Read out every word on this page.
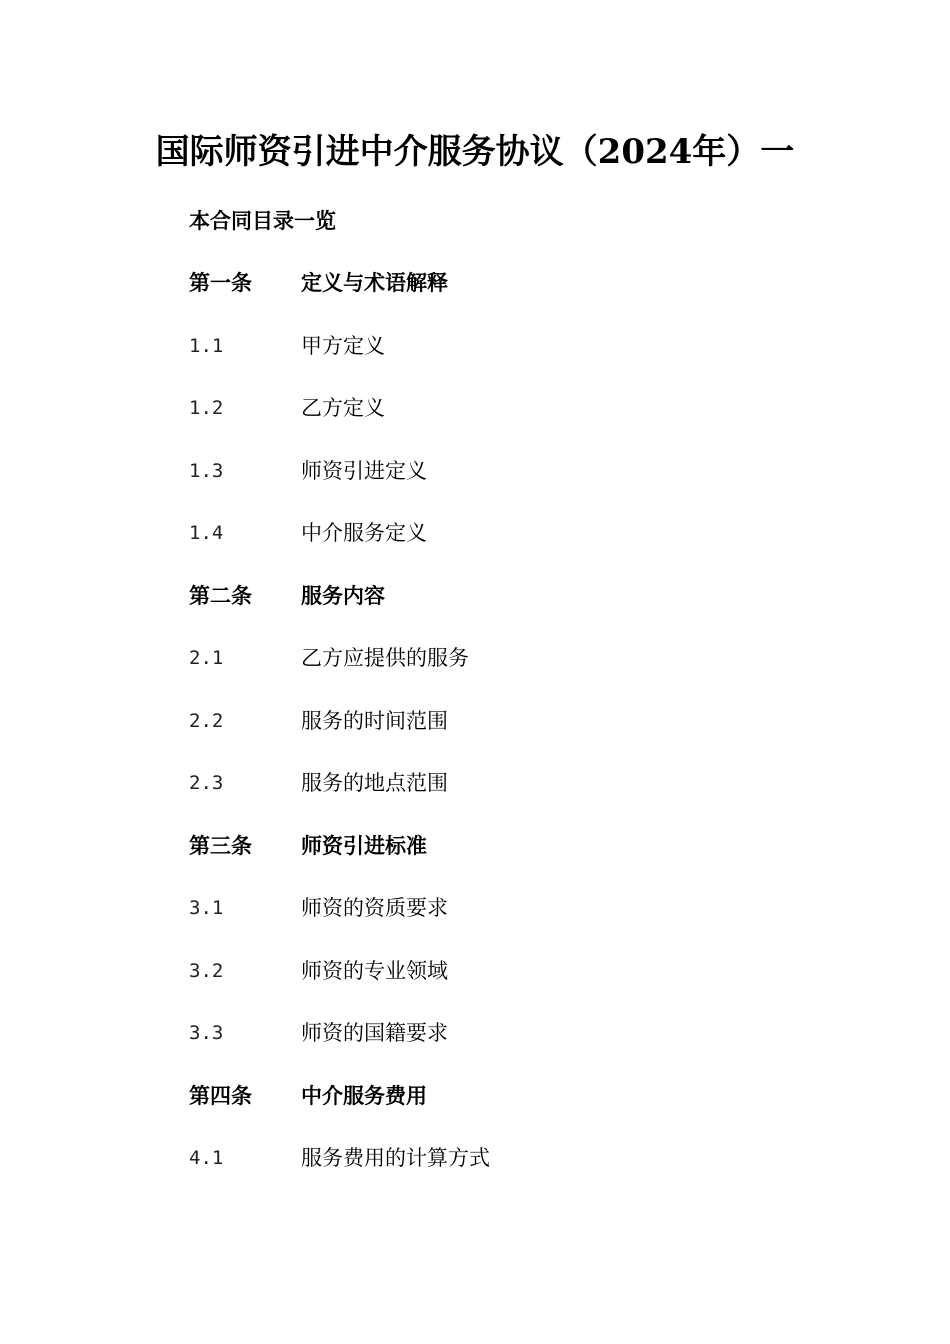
国际师资引进中介服务协议（2024年）一
本合同目录一览
第一条 定义与术语解释
1.1	甲方定义
1.2	乙方定义
1.3	师资引进定义
1.4	中介服务定义
第二条 服务内容
2.1	乙方应提供的服务
2.2	服务的时间范围
2.3	服务的地点范围
第三条 师资引进标准
3.1	师资的资质要求
3.2	师资的专业领域
3.3	师资的国籍要求
第四条 中介服务费用
4.1	服务费用的计算方式
